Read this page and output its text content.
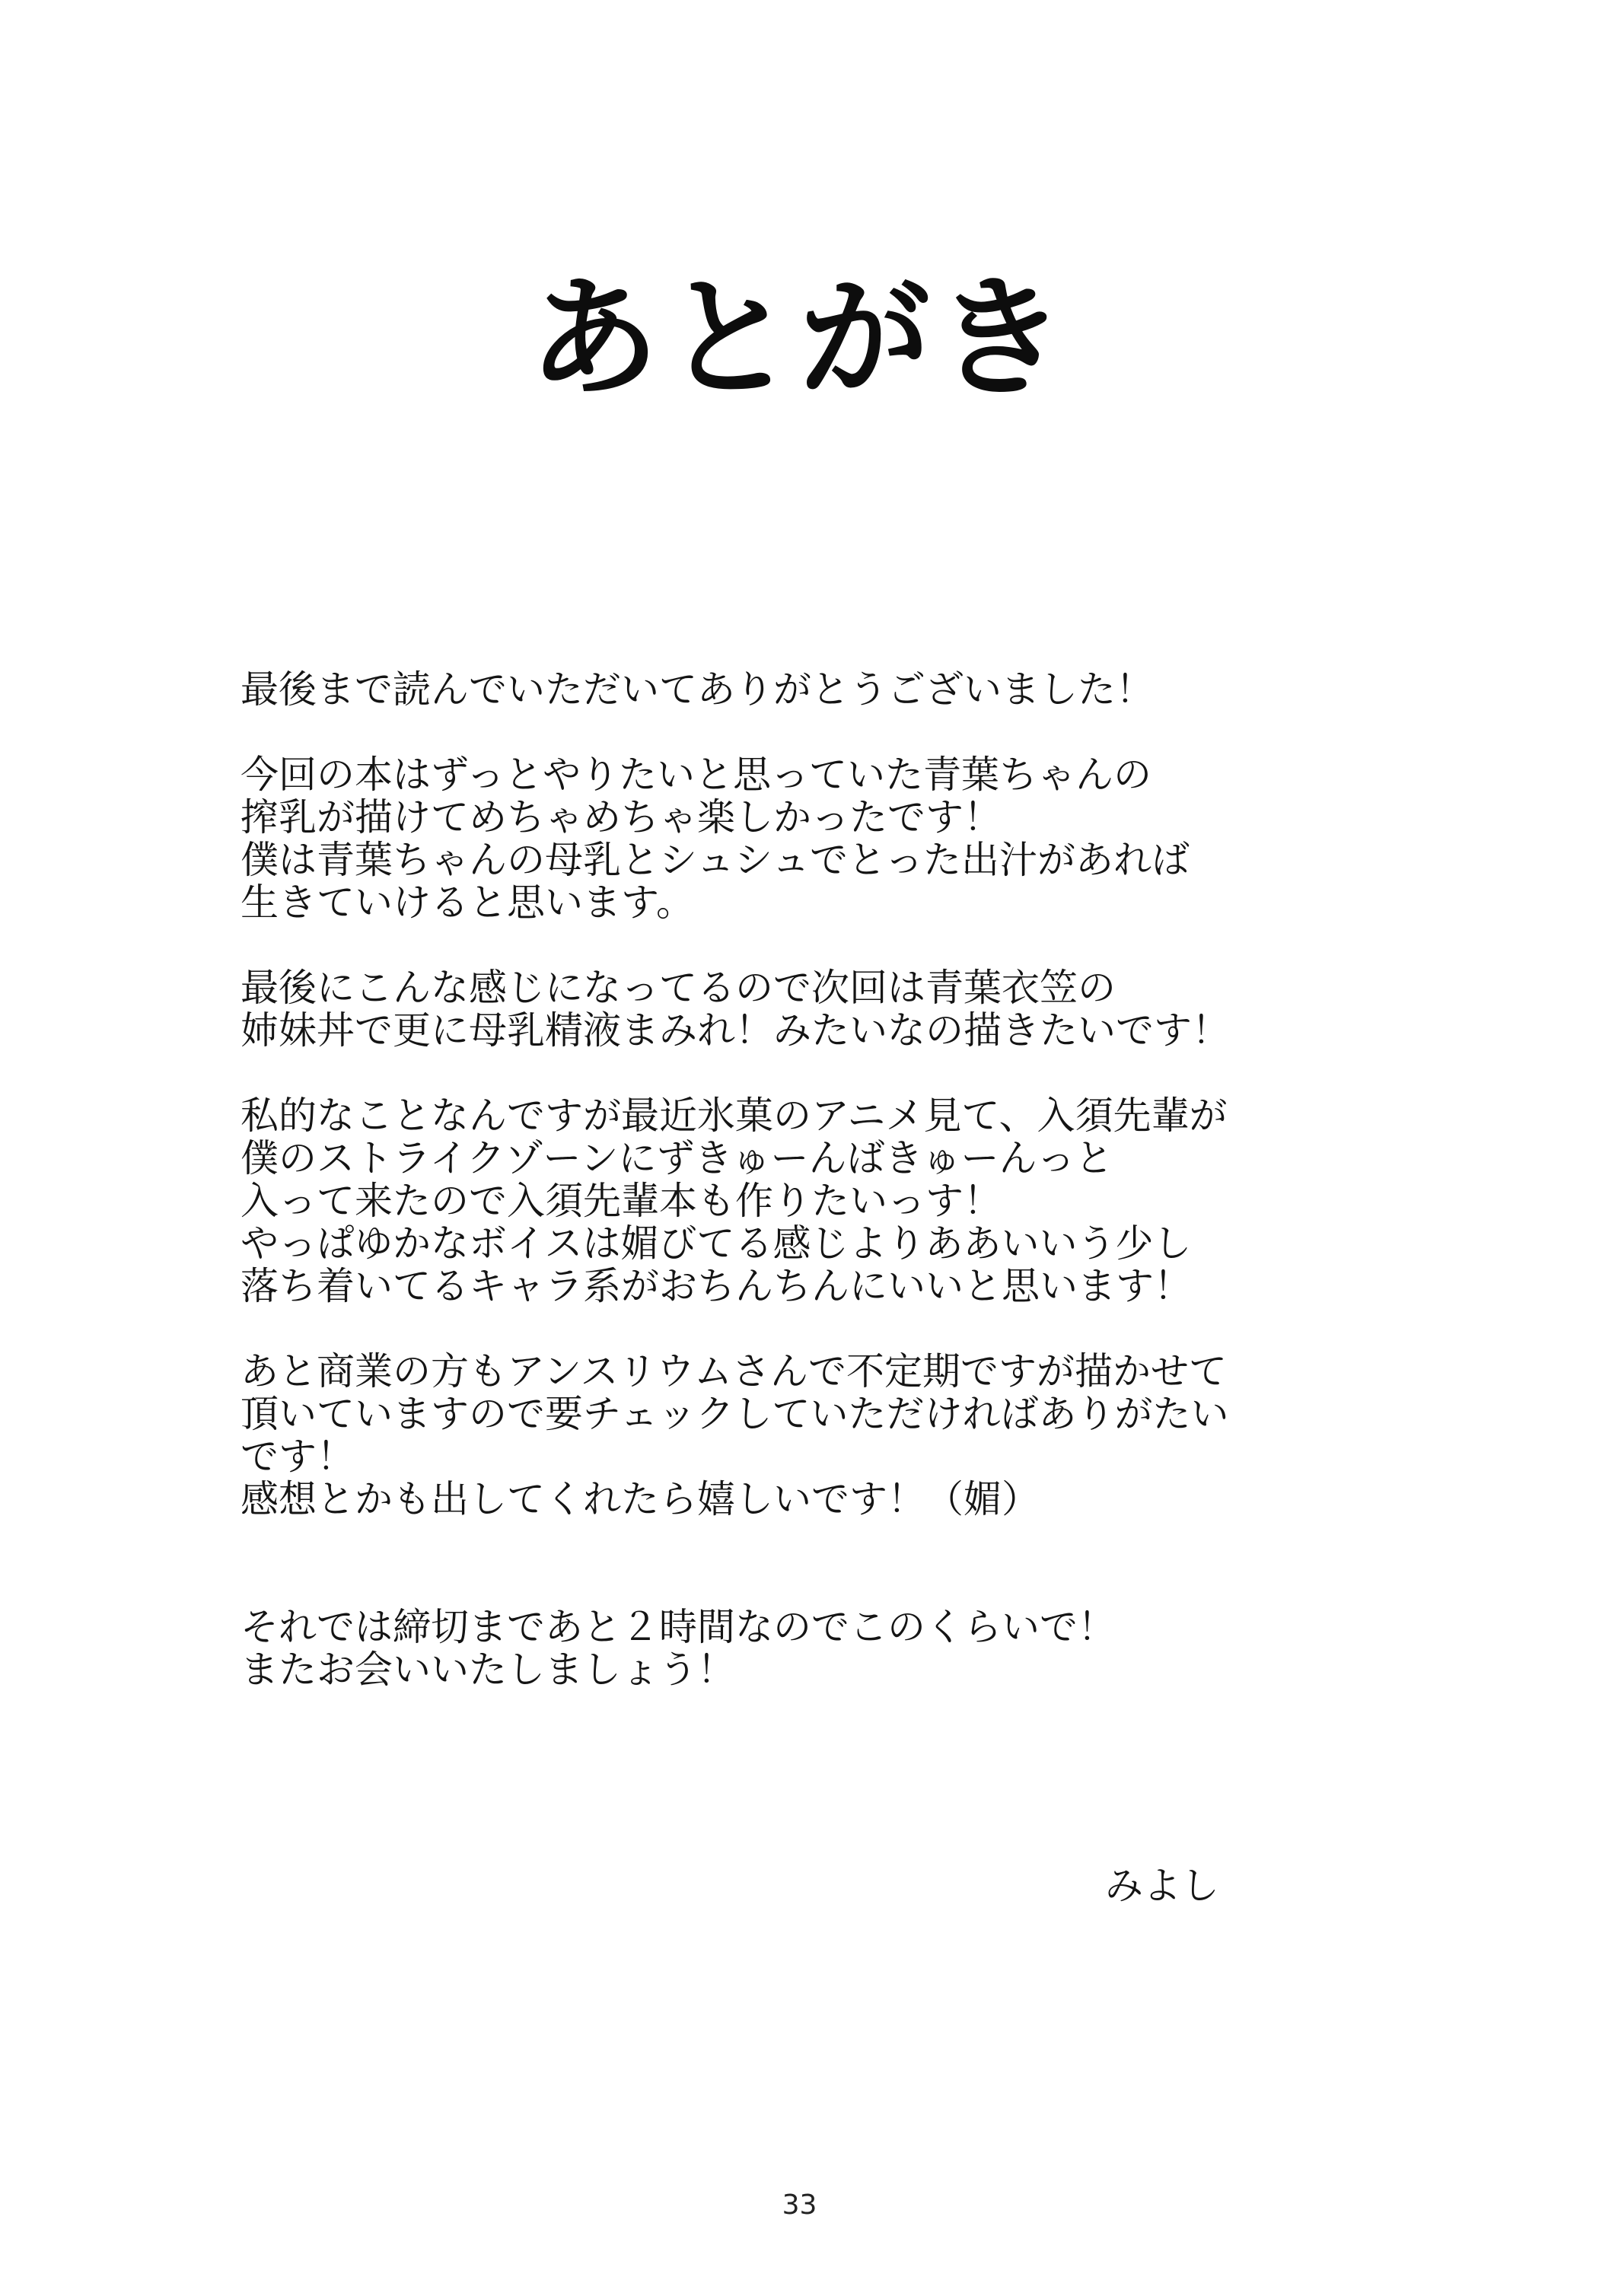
あとがき
最後まで読んでいただいてありがとうございました！
今回の本はずっとやりたいと思っていた青葉ちゃんの
搾乳が描けてめちゃめちゃ楽しかったです！
僕は青葉ちゃんの母乳とシュシュでとった出汁があれば
生きていけると思います。
最後にこんな感じになってるので次回は青葉衣笠の
姉妹丼で更に母乳精液まみれ！みたいなの描きたいです！
私的なことなんですが最近氷菓のアニメ見て、入須先輩が
僕のストライクゾーンにずきゅーんばきゅーんっと
入って来たので入須先輩本も作りたいっす！
やっぱゆかなボイスは媚びてる感じよりああいいう少し
落ち着いてるキャラ系がおちんちんにいいと思います！
あと商業の方もアンスリウムさんで不定期ですが描かせて
頂いていますので要チェックしていただければありがたい
です！
感想とかも出してくれたら嬉しいです！（媚）
それでは締切まであと２時間なのでこのくらいで！
またお会いいたしましょう！
みよし
33
